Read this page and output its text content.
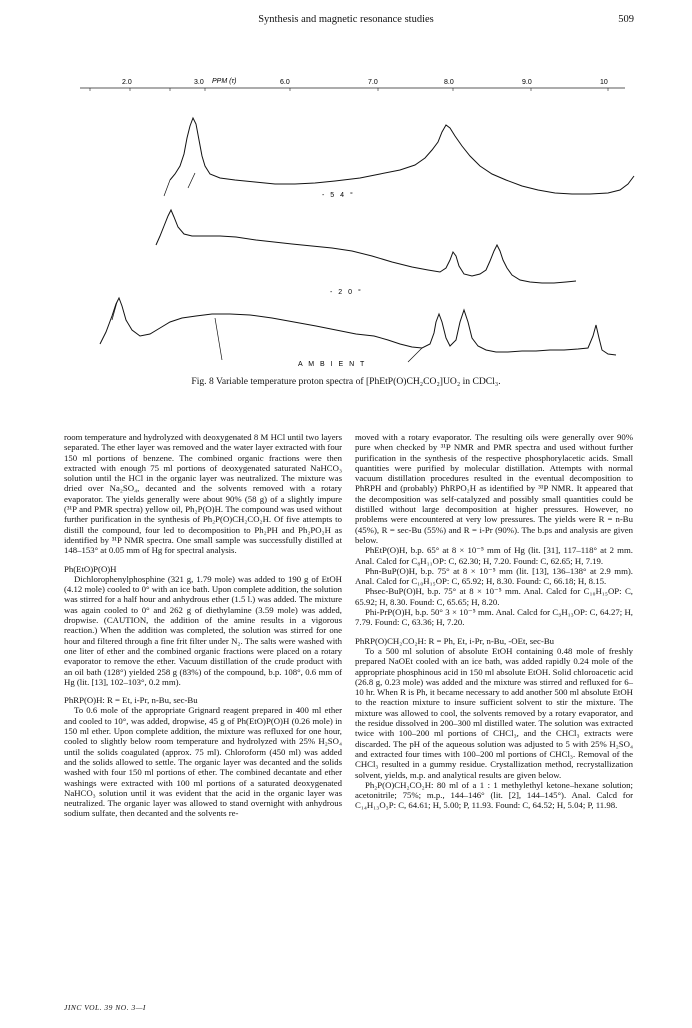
Synthesis and magnetic resonance studies	509
2.0	3.0 PPM (τ)	6.0	7.0	8.0	9.0	10
- 5 4 °
- 2 0 °
A M B I E N T
Fig. 8 Variable temperature proton spectra of [PhEtP(O)CH₂CO₂]UO₂ in CDCl₃.

room temperature and hydrolyzed with deoxygenated 8 M HCl until two layers separated. The ether layer was removed and the water layer extracted with four 150 ml portions of benzene. The combined organic fractions were then extracted with enough 75 ml portions of deoxygenated saturated NaHCO₃ solution until the HCl in the organic layer was neutralized. The mixture was dried over Na₂SO₄, decanted and the solvents removed with a rotary evaporator. The yields generally were about 90% (58 g) of a slightly impure (³¹P and PMR spectra) yellow oil, Ph₂P(O)H. The compound was used without further purification in the synthesis of Ph₂P(O)CH₂CO₂H. Of five attempts to distill the compound, four led to decomposition to Ph₂PH and Ph₂PO₂H as identified by ³¹P NMR spectra. One small sample was successfully distilled at 148–153° at 0.05 mm of Hg for spectral analysis.

Ph(EtO)P(O)H

Dichlorophenylphosphine (321 g, 1.79 mole) was added to 190 g of EtOH (4.12 mole) cooled to 0° with an ice bath. Upon complete addition, the solution was stirred for a half hour and anhydrous ether (1.5 l.) was added. The mixture was again cooled to 0° and 262 g of diethylamine (3.59 mole) was added, dropwise. (CAUTION, the addition of the amine results in a vigorous reaction.) When the addition was completed, the solution was stirred for one hour and filtered through a fine frit filter under N₂. The salts were washed with one liter of ether and the combined organic fractions were placed on a rotary evaporator to remove the ether. Vacuum distillation of the crude product with an oil bath (128°) yielded 258 g (83%) of the compound, b.p. 108°, 0.6 mm of Hg (lit. [13], 102–103°, 0.2 mm).

PhRP(O)H: R = Et, i-Pr, n-Bu, sec-Bu

To 0.6 mole of the appropriate Grignard reagent prepared in 400 ml ether and cooled to 10°, was added, dropwise, 45 g of Ph(EtO)P(O)H (0.26 mole) in 150 ml ether. Upon complete addition, the mixture was refluxed for one hour, cooled to slightly below room temperature and hydrolyzed with 25% H₂SO₄ until the solids coagulated (approx. 75 ml). Chloroform (450 ml) was added and the solids allowed to settle. The organic layer was decanted and the solids washed with four 150 ml portions of ether. The combined decantate and ether washings were extracted with 100 ml portions of a saturated deoxygenated NaHCO₃ solution until it was evident that the acid in the organic layer was neutralized. The organic layer was allowed to stand overnight with anhydrous sodium sulfate, then decanted and the solvents re-

moved with a rotary evaporator. The resulting oils were generally over 90% pure when checked by ³¹P NMR and PMR spectra and used without further purification in the synthesis of the respective phosphorylacetic acids. Small quantities were purified by molecular distillation. Attempts with normal vacuum distillation procedures resulted in the eventual decomposition to PhRPH and (probably) PhRPO₂H as identified by ³¹P NMR. It appeared that the decomposition was self-catalyzed and possibly small quantities could be distilled without large decomposition at higher pressures. However, no problems were encountered at very low pressures. The yields were R = n-Bu (45%), R = sec-Bu (55%) and R = i-Pr (90%). The b.ps and analysis are given below.

PhEtP(O)H, b.p. 65° at 8 × 10⁻⁵ mm of Hg (lit. [31], 117–118° at 2 mm. Anal. Calcd for C₈H₁₁OP: C, 62.30; H, 7.20. Found: C, 62.65; H, 7.19.

Phn-BuP(O)H, b.p. 75° at 8 × 10⁻⁵ mm (lit. [13], 136–138° at 2.9 mm). Anal. Calcd for C₁₀H₁₅OP: C, 65.92; H, 8.30. Found: C, 66.18; H, 8.15.

Phsec-BuP(O)H, b.p. 75° at 8 × 10⁻⁵ mm. Anal. Calcd for C₁₀H₁₅OP: C, 65.92; H, 8.30. Found: C, 65.65; H, 8.20.

Phi-PrP(O)H, b.p. 50° 3 × 10⁻⁵ mm. Anal. Calcd for C₉H₁₃OP: C, 64.27; H, 7.79. Found: C, 63.36; H, 7.20.

PhRP(O)CH₂CO₂H: R = Ph, Et, i-Pr, n-Bu, -OEt, sec-Bu

To a 500 ml solution of absolute EtOH containing 0.48 mole of freshly prepared NaOEt cooled with an ice bath, was added rapidly 0.24 mole of the appropriate phosphinous acid in 150 ml absolute EtOH. Solid chloroacetic acid (26.8 g, 0.23 mole) was added and the mixture was stirred and refluxed for 6–10 hr. When R is Ph, it became necessary to add another 500 ml absolute EtOH to the reaction mixture to insure sufficient solvent to stir the mixture. The mixture was allowed to cool, the solvents removed by a rotary evaporator, and the residue dissolved in 200–300 ml distilled water. The solution was extracted twice with 100–200 ml portions of CHCl₃, and the CHCl₃ extracts were discarded. The pH of the aqueous solution was adjusted to 5 with 25% H₂SO₄ and extracted four times with 100–200 ml portions of CHCl₃. Removal of the CHCl₃ resulted in a gummy residue. Crystallization method, recrystallization solvent, yields, m.p. and analytical results are given below.

Ph₂P(O)CH₂CO₂H: 80 ml of a 1 : 1 methylethyl ketone–hexane solution; acetonitrile; 75%; m.p., 144–146° (lit. [2], 144–145°). Anal. Calcd for C₁₄H₁₃O₃P: C, 64.61; H, 5.00; P, 11.93. Found: C, 64.52; H, 5.04; P, 11.98.

JINC VOL. 39 NO. 3—I
